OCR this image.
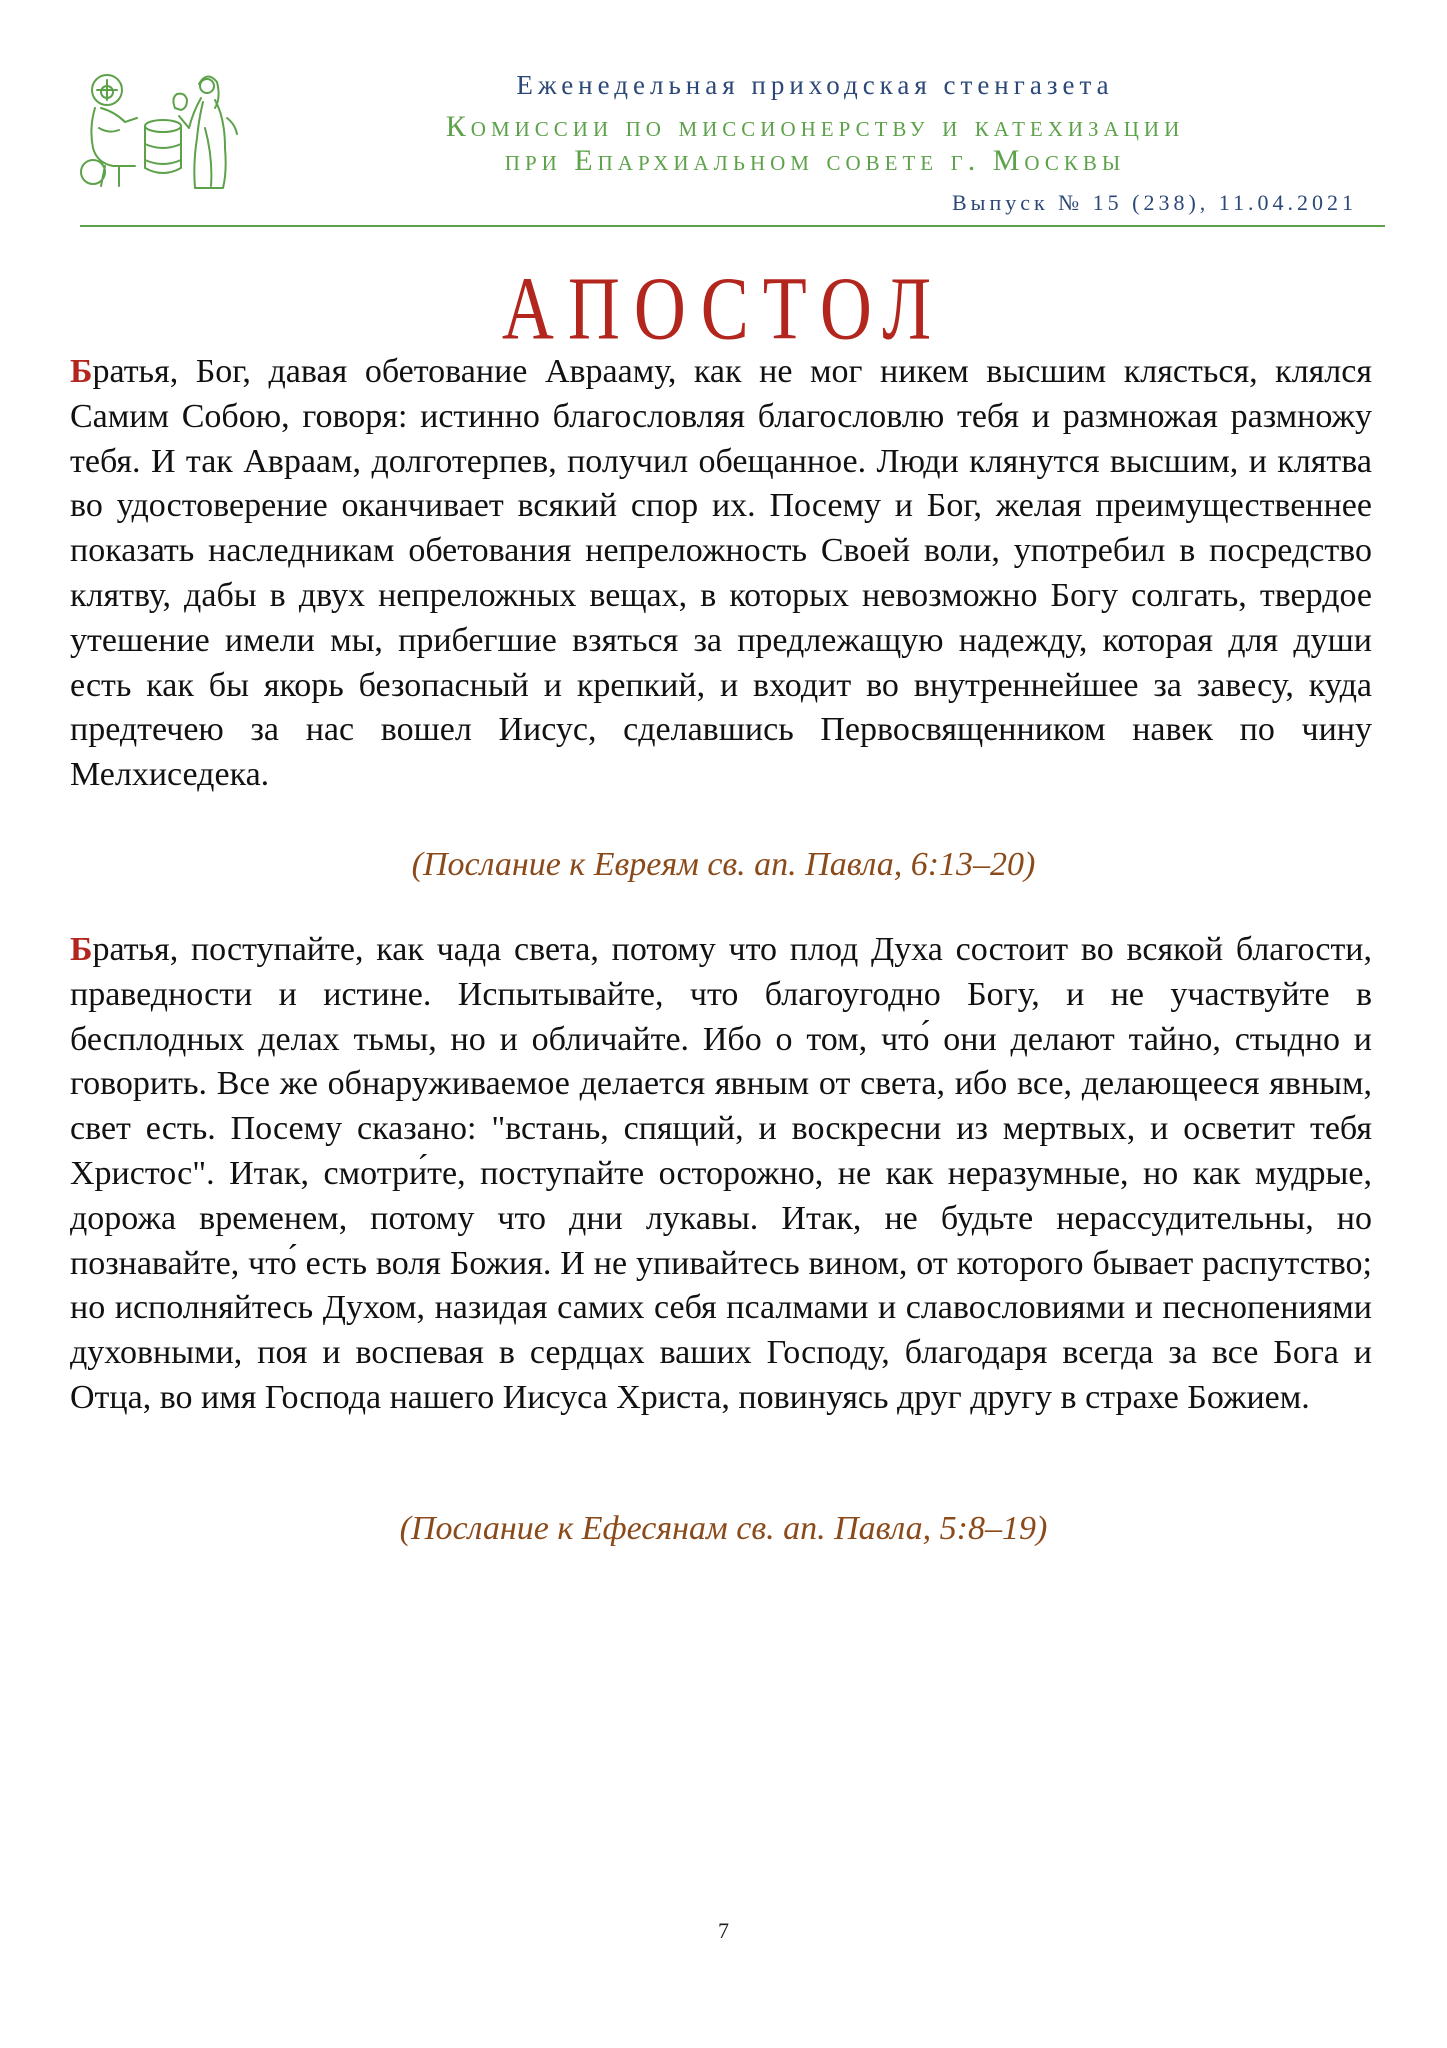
Еженедельная приходская стенгазета
Комиссии по миссионерству и катехизации
при Епархиальном совете г. Москвы
Выпуск № 15 (238), 11.04.2021
АПОСТОЛ
Братья, Бог, давая обетование Аврааму, как не мог никем высшим клясться, клялся Самим Собою, говоря: истинно благословляя благословлю тебя и размножая размножу тебя. И так Авраам, долготерпев, получил обещанное. Люди клянутся высшим, и клятва во удостоверение оканчивает всякий спор их. Посему и Бог, желая преимущественнее показать наследникам обетования непреложность Своей воли, употребил в посредство клятву, дабы в двух непреложных вещах, в которых невозможно Богу солгать, твердое утешение имели мы, прибегшие взяться за предлежащую надежду, которая для души есть как бы якорь безопасный и крепкий, и входит во внутреннейшее за завесу, куда предтечею за нас вошел Иисус, сделавшись Первосвященником навек по чину Мелхиседека.
(Послание к Евреям св. ап. Павла, 6:13–20)
Братья, поступайте, как чада света, потому что плод Духа состоит во всякой благости, праведности и истине. Испытывайте, что благоугодно Богу, и не участвуйте в бесплодных делах тьмы, но и обличайте. Ибо о том, что́ они делают тайно, стыдно и говорить. Все же обнаруживаемое делается явным от света, ибо все, делающееся явным, свет есть. Посему сказано: "встань, спящий, и воскресни из мертвых, и осветит тебя Христос". Итак, смотри́те, поступайте осторожно, не как неразумные, но как мудрые, дорожа временем, потому что дни лукавы. Итак, не будьте нерассудительны, но познавайте, что́ есть воля Божия. И не упивайтесь вином, от которого бывает распутство; но исполняйтесь Духом, назидая самих себя псалмами и славословиями и песнопениями духовными, поя и воспевая в сердцах ваших Господу, благодаря всегда за все Бога и Отца, во имя Господа нашего Иисуса Христа, повинуясь друг другу в страхе Божием.
(Послание к Ефесянам св. ап. Павла, 5:8–19)
7
